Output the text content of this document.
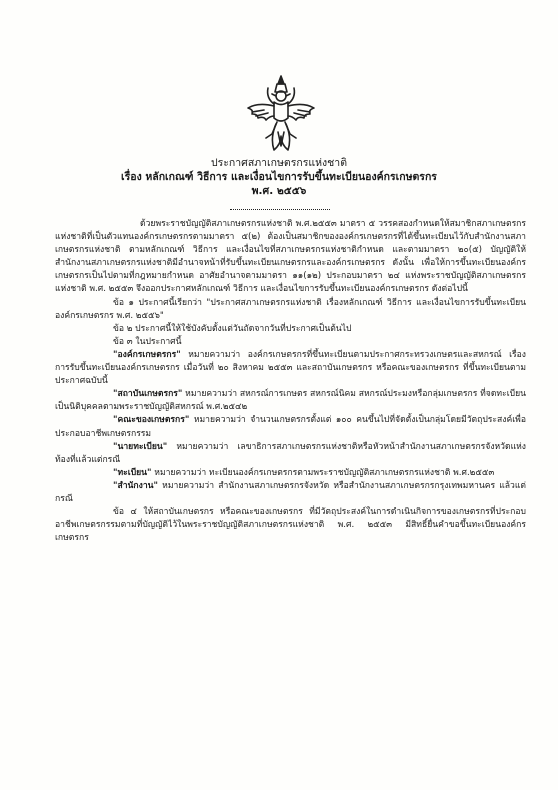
ประกาศสภาเกษตรกรแห่งชาติ
เรื่อง หลักเกณฑ์ วิธีการ และเงื่อนไขการรับขึ้นทะเบียนองค์กรเกษตรกร
พ.ศ. ๒๕๕๖

ด้วยพระราชบัญญัติสภาเกษตรกรแห่งชาติ พ.ศ.๒๕๕๓ มาตรา ๕ วรรคสองกำหนดให้สมาชิกสภาเกษตรกรแห่งชาติที่เป็นตัวแทนองค์กรเกษตรกรตามมาตรา ๕(๒) ต้องเป็นสมาชิกขององค์กรเกษตรกรที่ได้ขึ้นทะเบียนไว้กับสำนักงานสภาเกษตรกรแห่งชาติ ตามหลักเกณฑ์ วิธีการ และเงื่อนไขที่สภาเกษตรกรแห่งชาติกำหนด และตามมาตรา ๒๐(๕) บัญญัติให้สำนักงานสภาเกษตรกรแห่งชาติมีอำนาจหน้าที่รับขึ้นทะเบียนเกษตรกรและองค์กรเกษตรกร ดังนั้น เพื่อให้การขึ้นทะเบียนองค์กรเกษตรกรเป็นไปตามที่กฎหมายกำหนด อาศัยอำนาจตามมาตรา ๑๑(๑๒) ประกอบมาตรา ๒๔ แห่งพระราชบัญญัติสภาเกษตรกรแห่งชาติ พ.ศ. ๒๕๕๓ จึงออกประกาศหลักเกณฑ์ วิธีการ และเงื่อนไขการรับขึ้นทะเบียนองค์กรเกษตรกร ดังต่อไปนี้

ข้อ ๑ ประกาศนี้เรียกว่า "ประกาศสภาเกษตรกรแห่งชาติ เรื่องหลักเกณฑ์ วิธีการ และเงื่อนไขการรับขึ้นทะเบียนองค์กรเกษตรกร พ.ศ. ๒๕๕๖"

ข้อ ๒ ประกาศนี้ให้ใช้บังคับตั้งแต่วันถัดจากวันที่ประกาศเป็นต้นไป

ข้อ ๓ ในประกาศนี้

"องค์กรเกษตรกร" หมายความว่า องค์กรเกษตรกรที่ขึ้นทะเบียนตามประกาศกระทรวงเกษตรและสหกรณ์ เรื่อง การรับขึ้นทะเบียนองค์กรเกษตรกร เมื่อวันที่ ๒๐ สิงหาคม ๒๕๕๓ และสถาบันเกษตรกร หรือคณะของเกษตรกร ที่ขึ้นทะเบียนตามประกาศฉบับนี้

"สถาบันเกษตรกร" หมายความว่า สหกรณ์การเกษตร สหกรณ์นิคม สหกรณ์ประมงหรือกลุ่มเกษตรกร ที่จดทะเบียนเป็นนิติบุคคลตามพระราชบัญญัติสหกรณ์ พ.ศ.๒๕๔๒

"คณะของเกษตรกร" หมายความว่า จำนวนเกษตรกรตั้งแต่ ๑๐๐ คนขึ้นไปที่จัดตั้งเป็นกลุ่มโดยมีวัตถุประสงค์เพื่อประกอบอาชีพเกษตรกรรม

"นายทะเบียน" หมายความว่า เลขาธิการสภาเกษตรกรแห่งชาติหรือหัวหน้าสำนักงานสภาเกษตรกรจังหวัดแห่งท้องที่แล้วแต่กรณี

"ทะเบียน" หมายความว่า ทะเบียนองค์กรเกษตรกรตามพระราชบัญญัติสภาเกษตรกรแห่งชาติ พ.ศ.๒๕๕๓

"สำนักงาน" หมายความว่า สำนักงานสภาเกษตรกรจังหวัด หรือสำนักงานสภาเกษตรกรกรุงเทพมหานคร แล้วแต่กรณี

ข้อ ๔ ให้สถาบันเกษตรกร หรือคณะของเกษตรกร ที่มีวัตถุประสงค์ในการดำเนินกิจการของเกษตรกรที่ประกอบอาชีพเกษตรกรรมตามที่บัญญัติไว้ในพระราชบัญญัติสภาเกษตรกรแห่งชาติ พ.ศ. ๒๕๕๓ มีสิทธิ์ยื่นคำขอขึ้นทะเบียนองค์กรเกษตรกร
